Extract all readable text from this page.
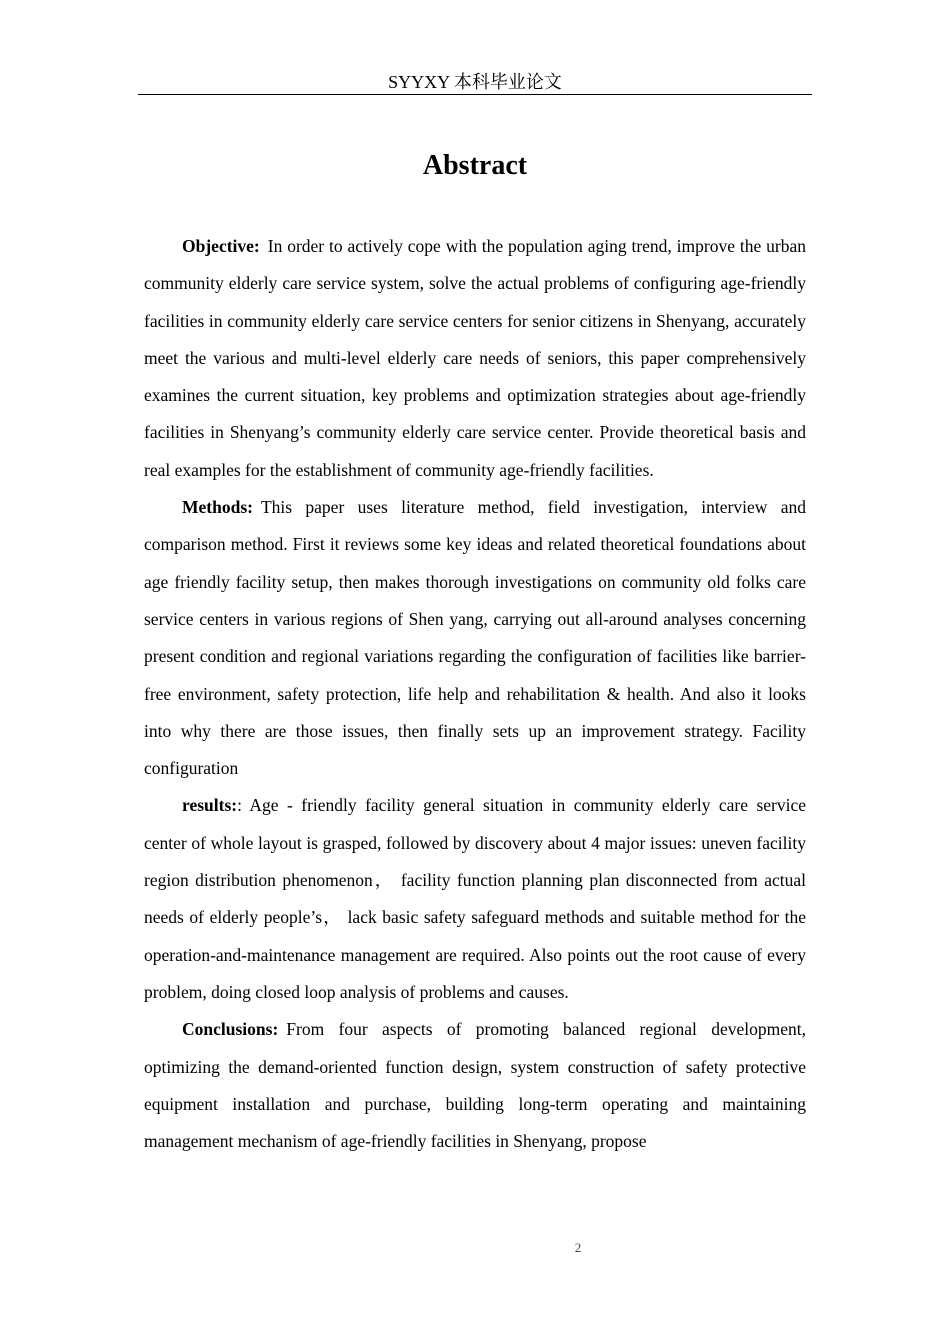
SYYXY 本科毕业论文
Abstract

Objective: In order to actively cope with the population aging trend, improve the urban community elderly care service system, solve the actual problems of configuring age-friendly facilities in community elderly care service centers for senior citizens in Shenyang, accurately meet the various and multi-level elderly care needs of seniors, this paper comprehensively examines the current situation, key problems and optimization strategies about age-friendly facilities in Shenyang’s community elderly care service center. Provide theoretical basis and real examples for the establishment of community age-friendly facilities.

Methods: This paper uses literature method, field investigation, interview and comparison method. First it reviews some key ideas and related theoretical foundations about age friendly facility setup, then makes thorough investigations on community old folks care service centers in various regions of Shen yang, carrying out all-around analyses concerning present condition and regional variations regarding the configuration of facilities like barrier-free environment, safety protection, life help and rehabilitation & health. And also it looks into why there are those issues, then finally sets up an improvement strategy. Facility configuration

results:: Age - friendly facility general situation in community elderly care service center of whole layout is grasped, followed by discovery about 4 major issues: uneven facility region distribution phenomenon， facility function planning plan disconnected from actual needs of elderly people’s， lack basic safety safeguard methods and suitable method for the operation-and-maintenance management are required. Also points out the root cause of every problem, doing closed loop analysis of problems and causes.

Conclusions: From four aspects of promoting balanced regional development, optimizing the demand-oriented function design, system construction of safety protective equipment installation and purchase, building long-term operating and maintaining management mechanism of age-friendly facilities in Shenyang, propose

2
